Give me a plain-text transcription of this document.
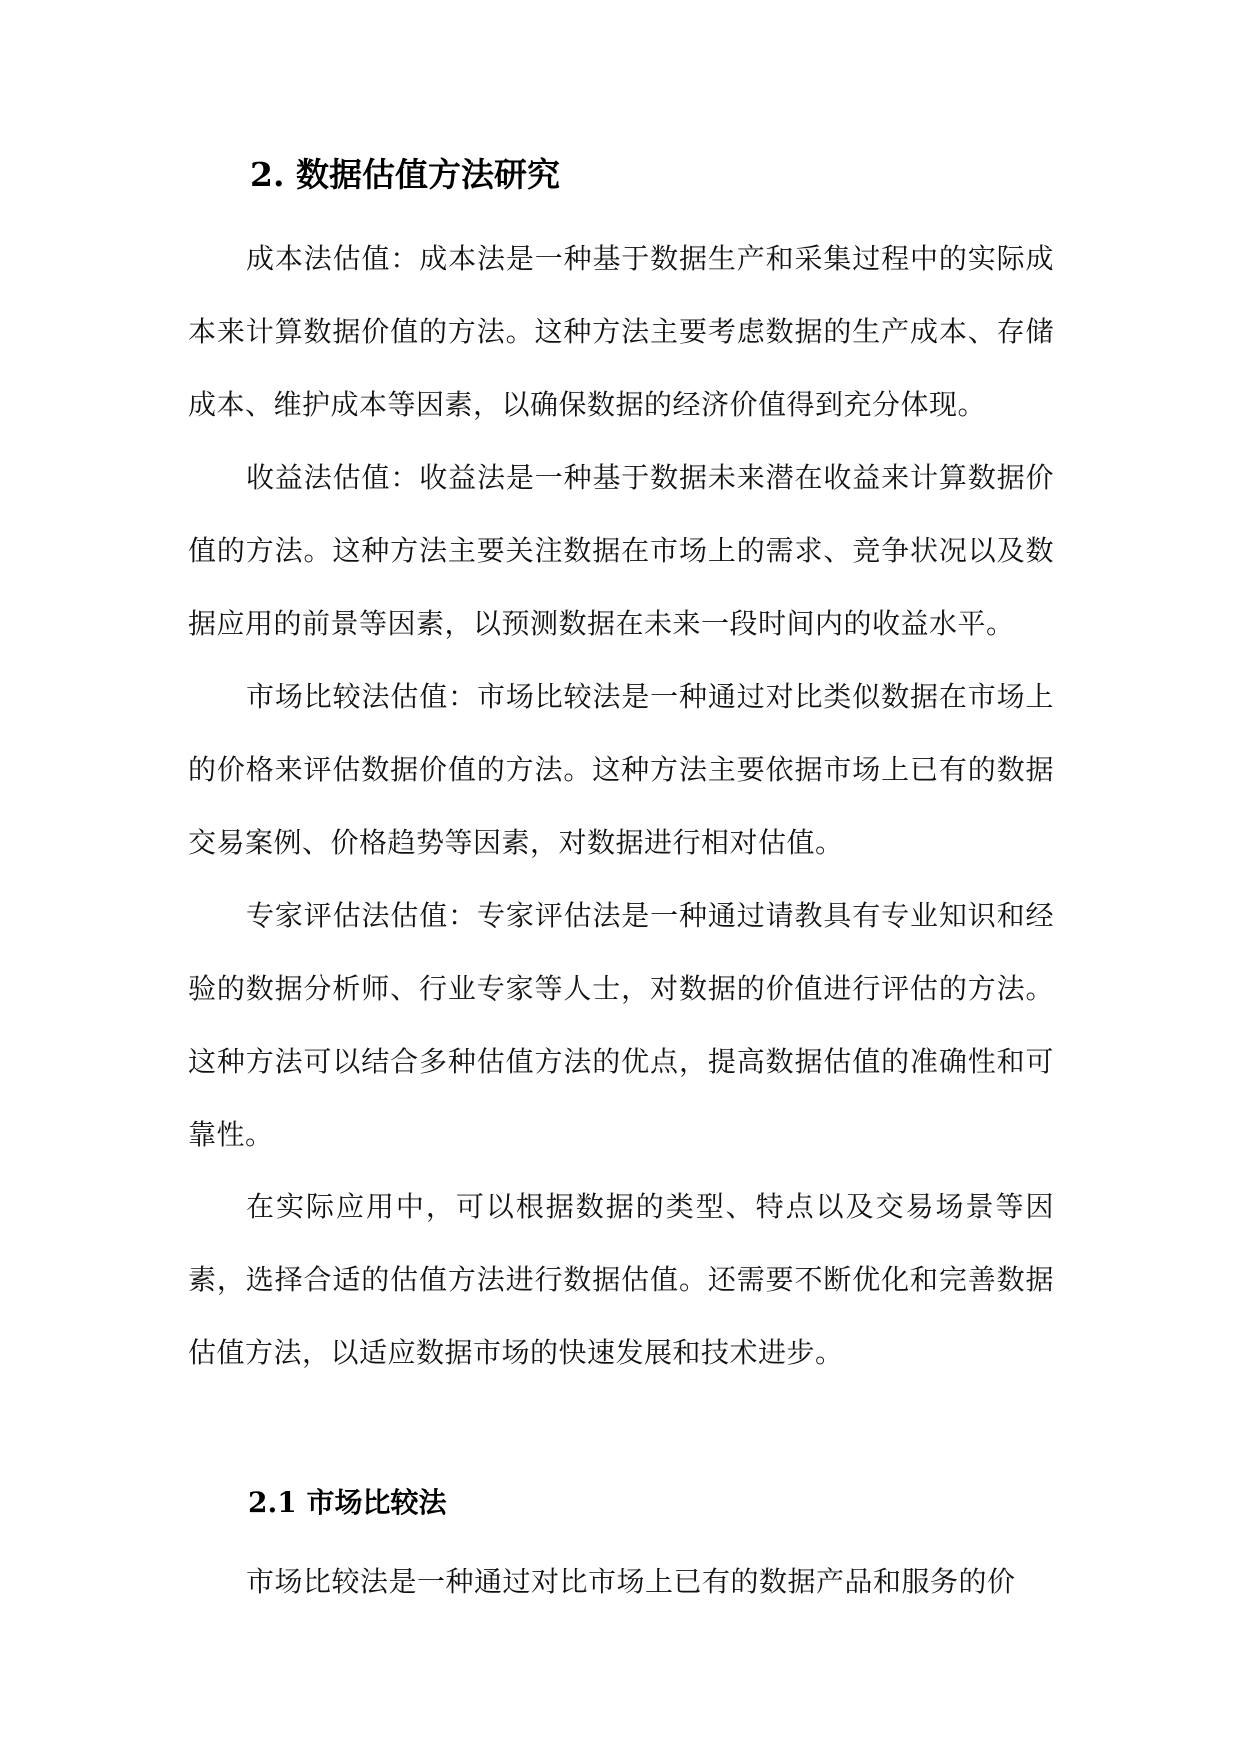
2. 数据估值方法研究

成本法估值：成本法是一种基于数据生产和采集过程中的实际成本来计算数据价值的方法。这种方法主要考虑数据的生产成本、存储成本、维护成本等因素，以确保数据的经济价值得到充分体现。

收益法估值：收益法是一种基于数据未来潜在收益来计算数据价值的方法。这种方法主要关注数据在市场上的需求、竞争状况以及数据应用的前景等因素，以预测数据在未来一段时间内的收益水平。

市场比较法估值：市场比较法是一种通过对比类似数据在市场上的价格来评估数据价值的方法。这种方法主要依据市场上已有的数据交易案例、价格趋势等因素，对数据进行相对估值。

专家评估法估值：专家评估法是一种通过请教具有专业知识和经验的数据分析师、行业专家等人士，对数据的价值进行评估的方法。这种方法可以结合多种估值方法的优点，提高数据估值的准确性和可靠性。

在实际应用中，可以根据数据的类型、特点以及交易场景等因素，选择合适的估值方法进行数据估值。还需要不断优化和完善数据估值方法，以适应数据市场的快速发展和技术进步。

2.1 市场比较法

市场比较法是一种通过对比市场上已有的数据产品和服务的价
